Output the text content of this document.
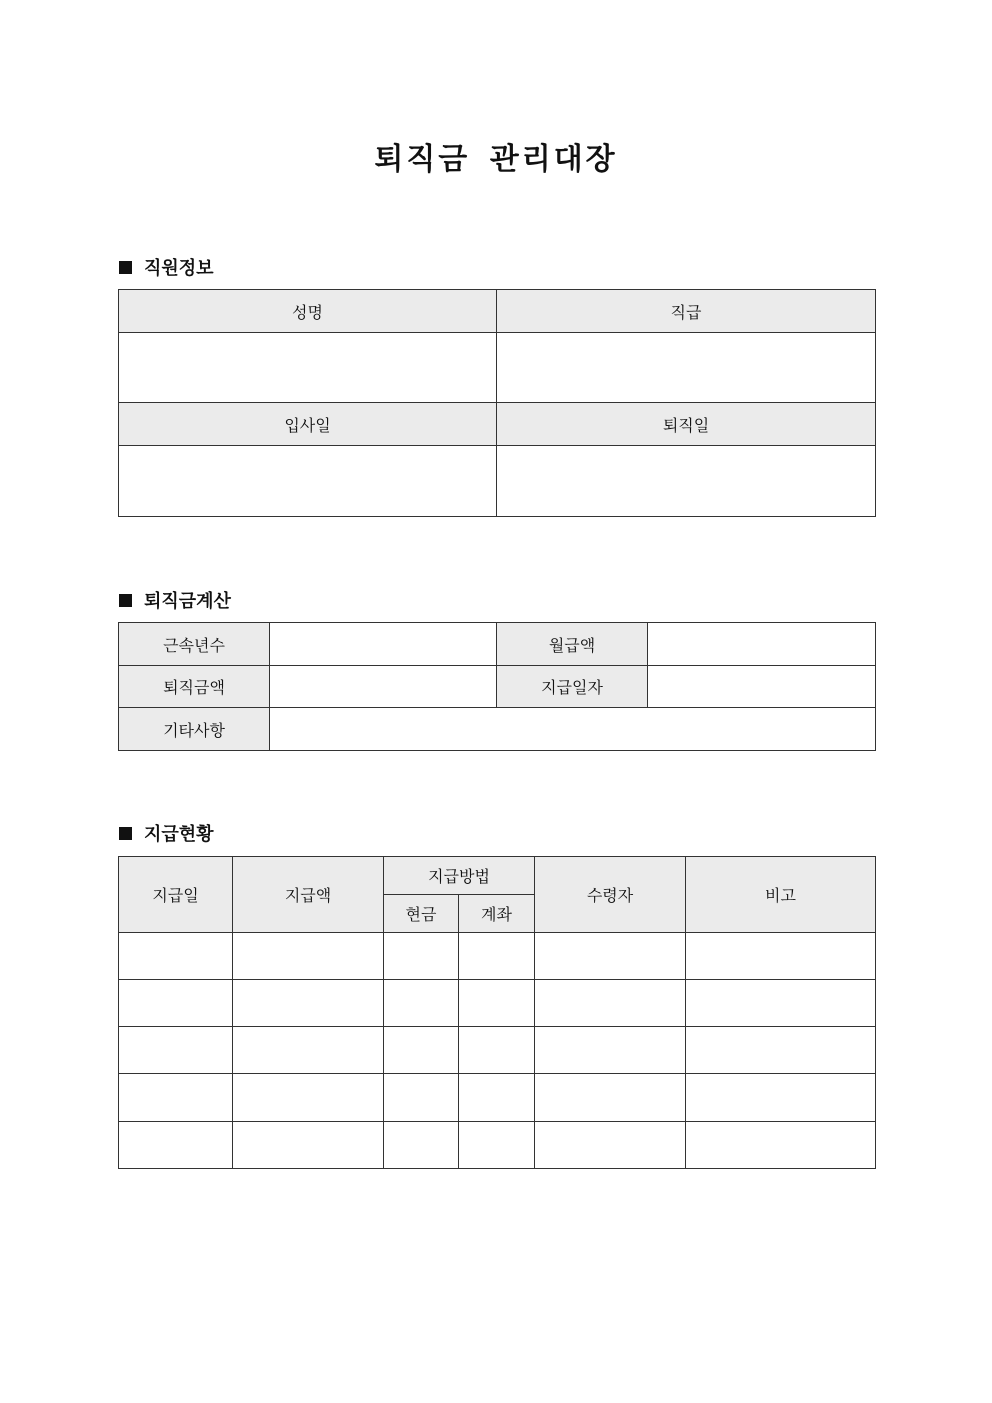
퇴직금 관리대장
직원정보
성명	직급

입사일	퇴직일

퇴직금계산
근속년수		월급액	
퇴직금액		지급일자	
기타사항			
지급현황
지급일	지급액	지급방법		수령자	비고
		현금	계좌		
